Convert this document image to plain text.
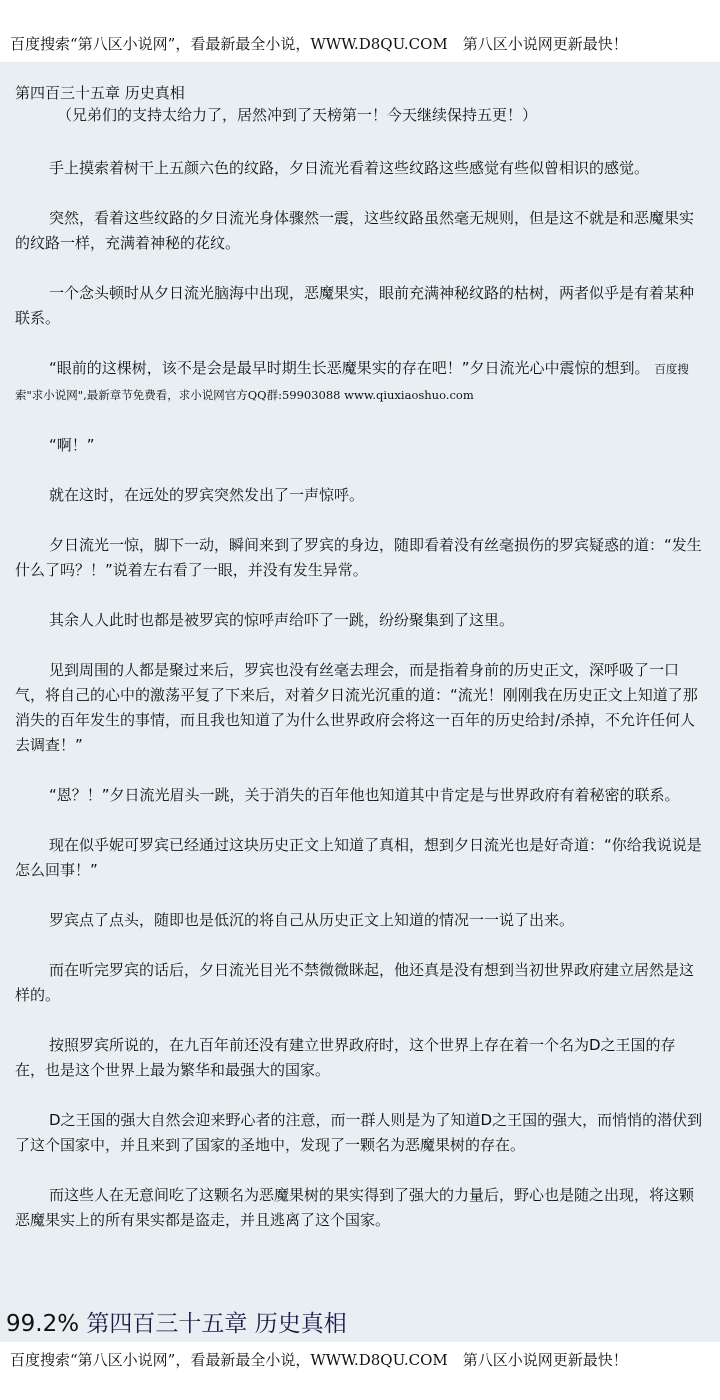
百度搜索“第八区小说网”，看最新最全小说，WWW.D8QU.COM　第八区小说网更新最快！
第四百三十五章 历史真相
（兄弟们的支持太给力了，居然冲到了天榜第一！今天继续保持五更！）

手上摸索着树干上五颜六色的纹路，夕日流光看着这些纹路这些感觉有些似曾相识的感觉。

突然，看着这些纹路的夕日流光身体骤然一震，这些纹路虽然毫无规则，但是这不就是和恶魔果实的纹路一样，充满着神秘的花纹。

一个念头顿时从夕日流光脑海中出现，恶魔果实，眼前充满神秘纹路的枯树，两者似乎是有着某种联系。

“眼前的这棵树，该不是会是最早时期生长恶魔果实的存在吧！”夕日流光心中震惊的想到。 百度搜索"求小说网",最新章节免费看，求小说网官方QQ群:59903088 www.qiuxiaoshuo.com

“啊！”

就在这时，在远处的罗宾突然发出了一声惊呼。

夕日流光一惊，脚下一动，瞬间来到了罗宾的身边，随即看着没有丝毫损伤的罗宾疑惑的道：“发生什么了吗？！”说着左右看了一眼，并没有发生异常。

其余人人此时也都是被罗宾的惊呼声给吓了一跳，纷纷聚集到了这里。

见到周围的人都是聚过来后，罗宾也没有丝毫去理会，而是指着身前的历史正文，深呼吸了一口气，将自己的心中的激荡平复了下来后，对着夕日流光沉重的道：“流光！刚刚我在历史正文上知道了那消失的百年发生的事情，而且我也知道了为什么世界政府会将这一百年的历史给封/杀掉，不允许任何人去调查！”

“恩？！”夕日流光眉头一跳，关于消失的百年他也知道其中肯定是与世界政府有着秘密的联系。

现在似乎妮可罗宾已经通过这块历史正文上知道了真相，想到夕日流光也是好奇道：“你给我说说是怎么回事！”

罗宾点了点头，随即也是低沉的将自己从历史正文上知道的情况一一说了出来。

而在听完罗宾的话后，夕日流光目光不禁微微眯起，他还真是没有想到当初世界政府建立居然是这样的。

按照罗宾所说的，在九百年前还没有建立世界政府时，这个世界上存在着一个名为D之王国的存在，也是这个世界上最为繁华和最强大的国家。

D之王国的强大自然会迎来野心者的注意，而一群人则是为了知道D之王国的强大，而悄悄的潜伏到了这个国家中，并且来到了国家的圣地中，发现了一颗名为恶魔果树的存在。

而这些人在无意间吃了这颗名为恶魔果树的果实得到了强大的力量后，野心也是随之出现，将这颗恶魔果实上的所有果实都是盗走，并且逃离了这个国家。

99.2% 第四百三十五章 历史真相
百度搜索“第八区小说网”，看最新最全小说，WWW.D8QU.COM　第八区小说网更新最快！
